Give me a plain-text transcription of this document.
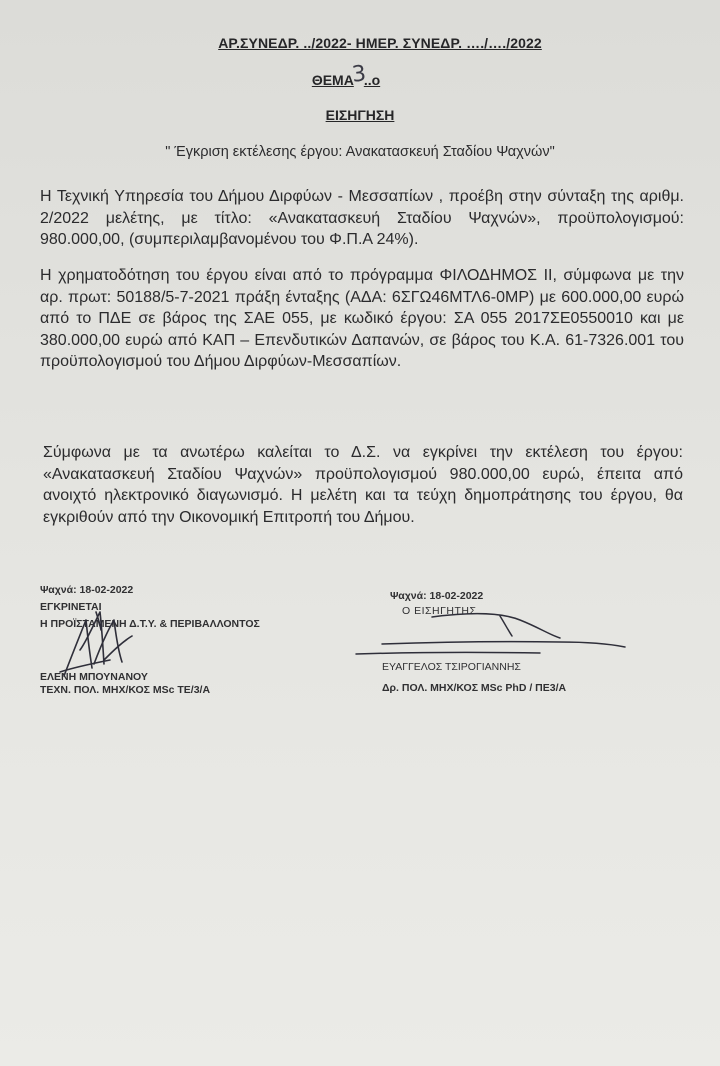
ΑΡ.ΣΥΝΕΔΡ. ../2022- ΗΜΕΡ. ΣΥΝΕΔΡ. …./…./2022
ΘΕΜΑ3..ο
ΕΙΣΗΓΗΣΗ
" Έγκριση εκτέλεσης έργου: Ανακατασκευή Σταδίου Ψαχνών"

Η Τεχνική Υπηρεσία του Δήμου Διρφύων - Μεσσαπίων , προέβη στην σύνταξη της αριθμ. 2/2022 μελέτης, με τίτλο: «Ανακατασκευή Σταδίου Ψαχνών», προϋπολογισμού: 980.000,00, (συμπεριλαμβανομένου του Φ.Π.Α 24%).

Η χρηματοδότηση του έργου είναι από το πρόγραμμα ΦΙΛΟΔΗΜΟΣ ΙΙ, σύμφωνα με την αρ. πρωτ: 50188/5-7-2021 πράξη ένταξης (ΑΔΑ: 6ΣΓΩ46ΜΤΛ6-0ΜΡ) με 600.000,00 ευρώ από το ΠΔΕ σε βάρος της ΣΑΕ 055, με κωδικό έργου: ΣΑ 055 2017ΣΕ0550010 και με 380.000,00 ευρώ από ΚΑΠ – Επενδυτικών Δαπανών, σε βάρος του Κ.Α. 61-7326.001 του προϋπολογισμού του Δήμου Διρφύων-Μεσσαπίων.

Σύμφωνα με τα ανωτέρω καλείται το Δ.Σ. να εγκρίνει την εκτέλεση του έργου: «Ανακατασκευή Σταδίου Ψαχνών» προϋπολογισμού 980.000,00 ευρώ, έπειτα από ανοιχτό ηλεκτρονικό διαγωνισμό. Η μελέτη και τα τεύχη δημοπράτησης του έργου, θα εγκριθούν από την Οικονομική Επιτροπή του Δήμου.

Ψαχνά: 18-02-2022
ΕΓΚΡΙΝΕΤΑΙ
Η ΠΡΟΪΣΤΑΜΕΝΗ Δ.Τ.Υ. & ΠΕΡΙΒΑΛΛΟΝΤΟΣ
ΕΛΕΝΗ ΜΠΟΥΝΑΝΟΥ
ΤΕΧΝ. ΠΟΛ. ΜΗΧ/ΚΟΣ MSc ΤΕ/3/Α
Ψαχνά: 18-02-2022
Ο ΕΙΣΗΓΗΤΗΣ
ΕΥΑΓΓΕΛΟΣ ΤΣΙΡΟΓΙΑΝΝΗΣ
Δρ. ΠΟΛ. ΜΗΧ/ΚΟΣ MSc PhD / ΠΕ3/Α
